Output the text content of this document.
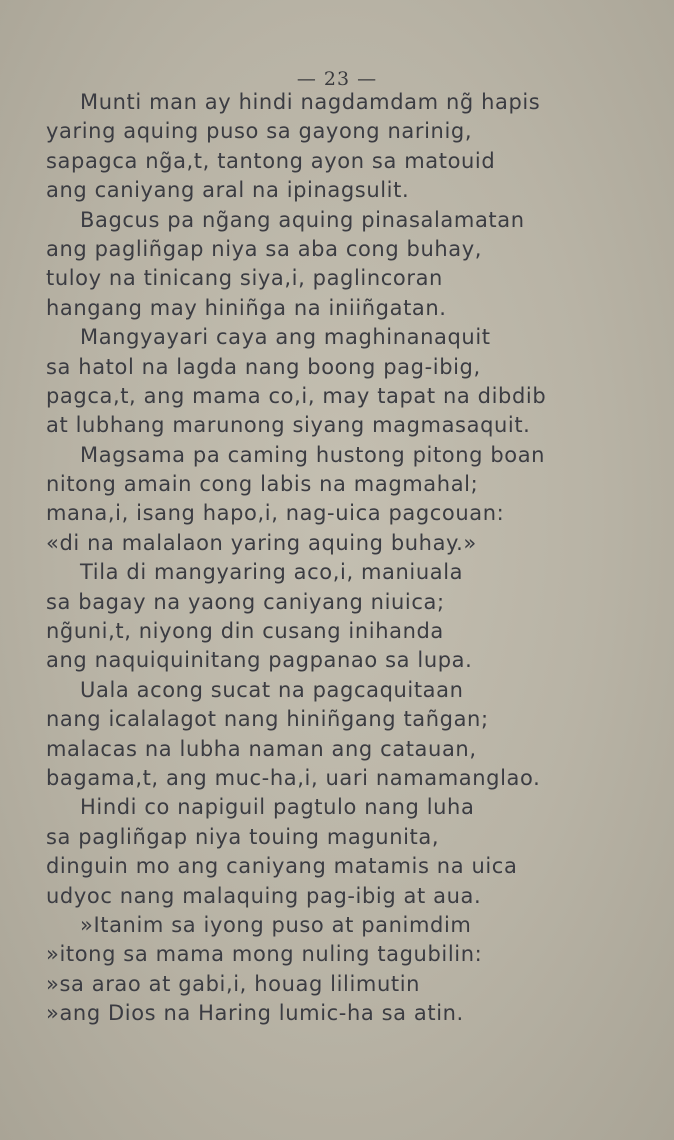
— 23 —
Munti man ay hindi nagdamdam ng̃ hapis
yaring aquing puso sa gayong narinig,
sapagca ng̃a,t, tantong ayon sa matouid
ang caniyang aral na ipinagsulit.
Bagcus pa ng̃ang aquing pinasalamatan
ang pagliñgap niya sa aba cong buhay,
tuloy na tinicang siya,i, paglincoran
hangang may hiniñga na iniiñgatan.
Mangyayari caya ang maghinanaquit
sa hatol na lagda nang boong pag-ibig,
pagca,t, ang mama co,i, may tapat na dibdib
at lubhang marunong siyang magmasaquit.
Magsama pa caming hustong pitong boan
nitong amain cong labis na magmahal;
mana,i, isang hapo,i, nag-uica pagcouan:
«di na malalaon yaring aquing buhay.»
Tila di mangyaring aco,i, maniuala
sa bagay na yaong caniyang niuica;
ng̃uni,t, niyong din cusang inihanda
ang naquiquinitang pagpanao sa lupa.
Uala acong sucat na pagcaquitaan
nang icalalagot nang hiniñgang tañgan;
malacas na lubha naman ang catauan,
bagama,t, ang muc-ha,i, uari namamanglao.
Hindi co napiguil pagtulo nang luha
sa pagliñgap niya touing magunita,
dinguin mo ang caniyang matamis na uica
udyoc nang malaquing pag-ibig at aua.
»Itanim sa iyong puso at panimdim
»itong sa mama mong nuling tagubilin:
»sa arao at gabi,i, houag lilimutin
»ang Dios na Haring lumic-ha sa atin.
